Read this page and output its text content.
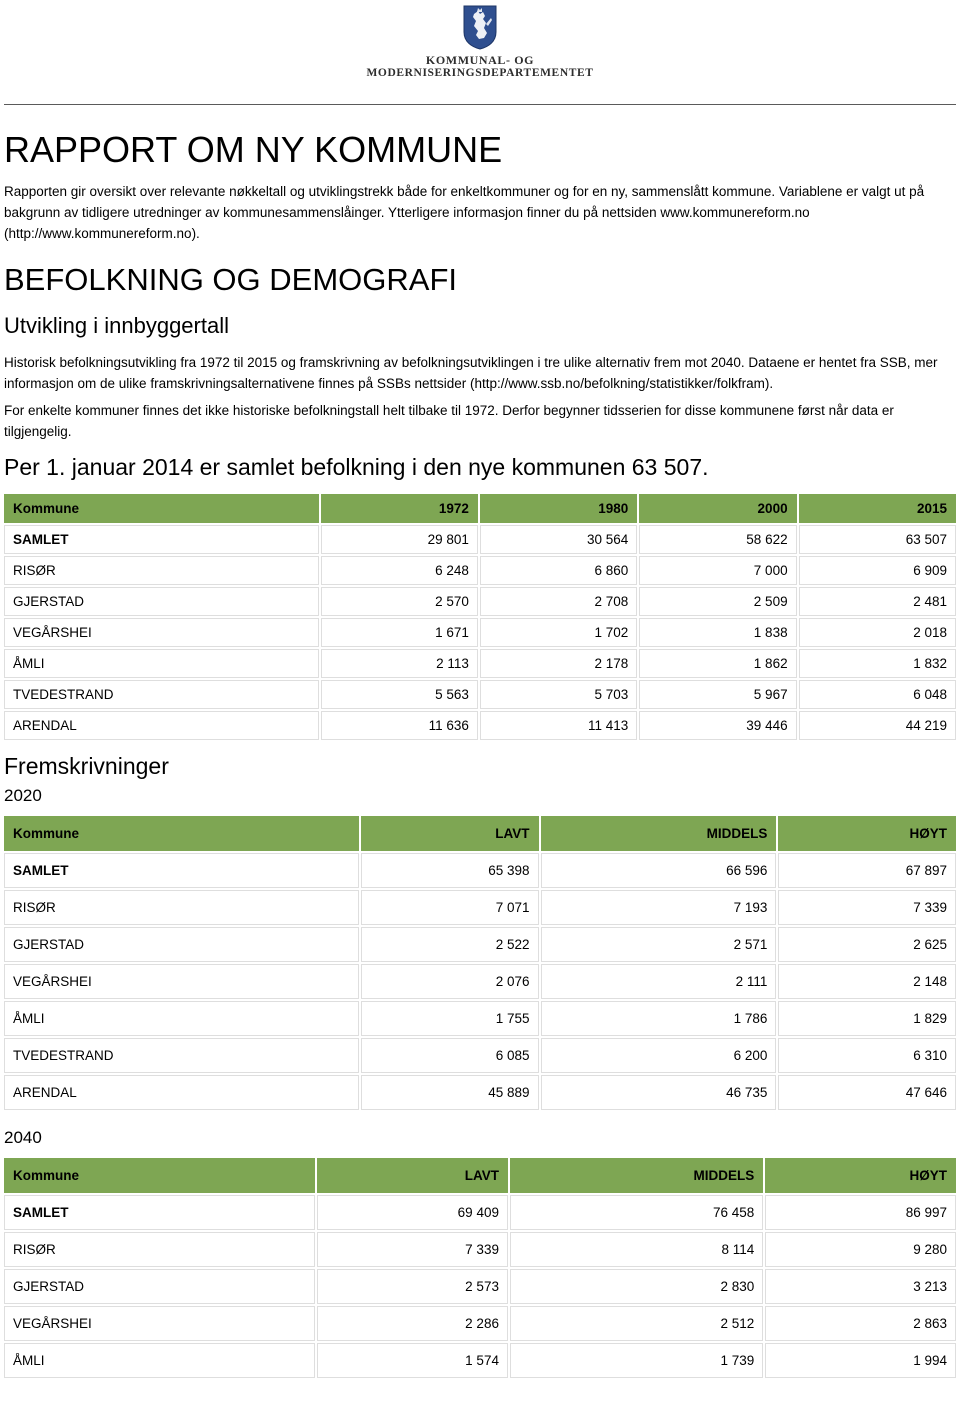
KOMMUNAL- OG
MODERNISERINGSDEPARTEMENTET
RAPPORT OM NY KOMMUNE

Rapporten gir oversikt over relevante nøkkeltall og utviklingstrekk både for enkeltkommuner og for en ny, sammenslått kommune. Variablene er valgt ut på bakgrunn av tidligere utredninger av kommunesammenslåinger. Ytterligere informasjon finner du på nettsiden www.kommunereform.no (http://www.kommunereform.no).

BEFOLKNING OG DEMOGRAFI
Utvikling i innbyggertall

Historisk befolkningsutvikling fra 1972 til 2015 og framskrivning av befolkningsutviklingen i tre ulike alternativ frem mot 2040. Dataene er hentet fra SSB, mer informasjon om de ulike framskrivningsalternativene finnes på SSBs nettsider (http://www.ssb.no/befolkning/statistikker/folkfram).

For enkelte kommuner finnes det ikke historiske befolkningstall helt tilbake til 1972. Derfor begynner tidsserien for disse kommunene først når data er tilgjengelig.

Per 1. januar 2014 er samlet befolkning i den nye kommunen 63 507.
Kommune	1972	1980	2000	2015
SAMLET	29 801	30 564	58 622	63 507
RISØR	6 248	6 860	7 000	6 909
GJERSTAD	2 570	2 708	2 509	2 481
VEGÅRSHEI	1 671	1 702	1 838	2 018
ÅMLI	2 113	2 178	1 862	1 832
TVEDESTRAND	5 563	5 703	5 967	6 048
ARENDAL	11 636	11 413	39 446	44 219
Fremskrivninger
2020
Kommune	LAVT	MIDDELS	HØYT
SAMLET	65 398	66 596	67 897
RISØR	7 071	7 193	7 339
GJERSTAD	2 522	2 571	2 625
VEGÅRSHEI	2 076	2 111	2 148
ÅMLI	1 755	1 786	1 829
TVEDESTRAND	6 085	6 200	6 310
ARENDAL	45 889	46 735	47 646
2040
Kommune	LAVT	MIDDELS	HØYT
SAMLET	69 409	76 458	86 997
RISØR	7 339	8 114	9 280
GJERSTAD	2 573	2 830	3 213
VEGÅRSHEI	2 286	2 512	2 863
ÅMLI	1 574	1 739	1 994
